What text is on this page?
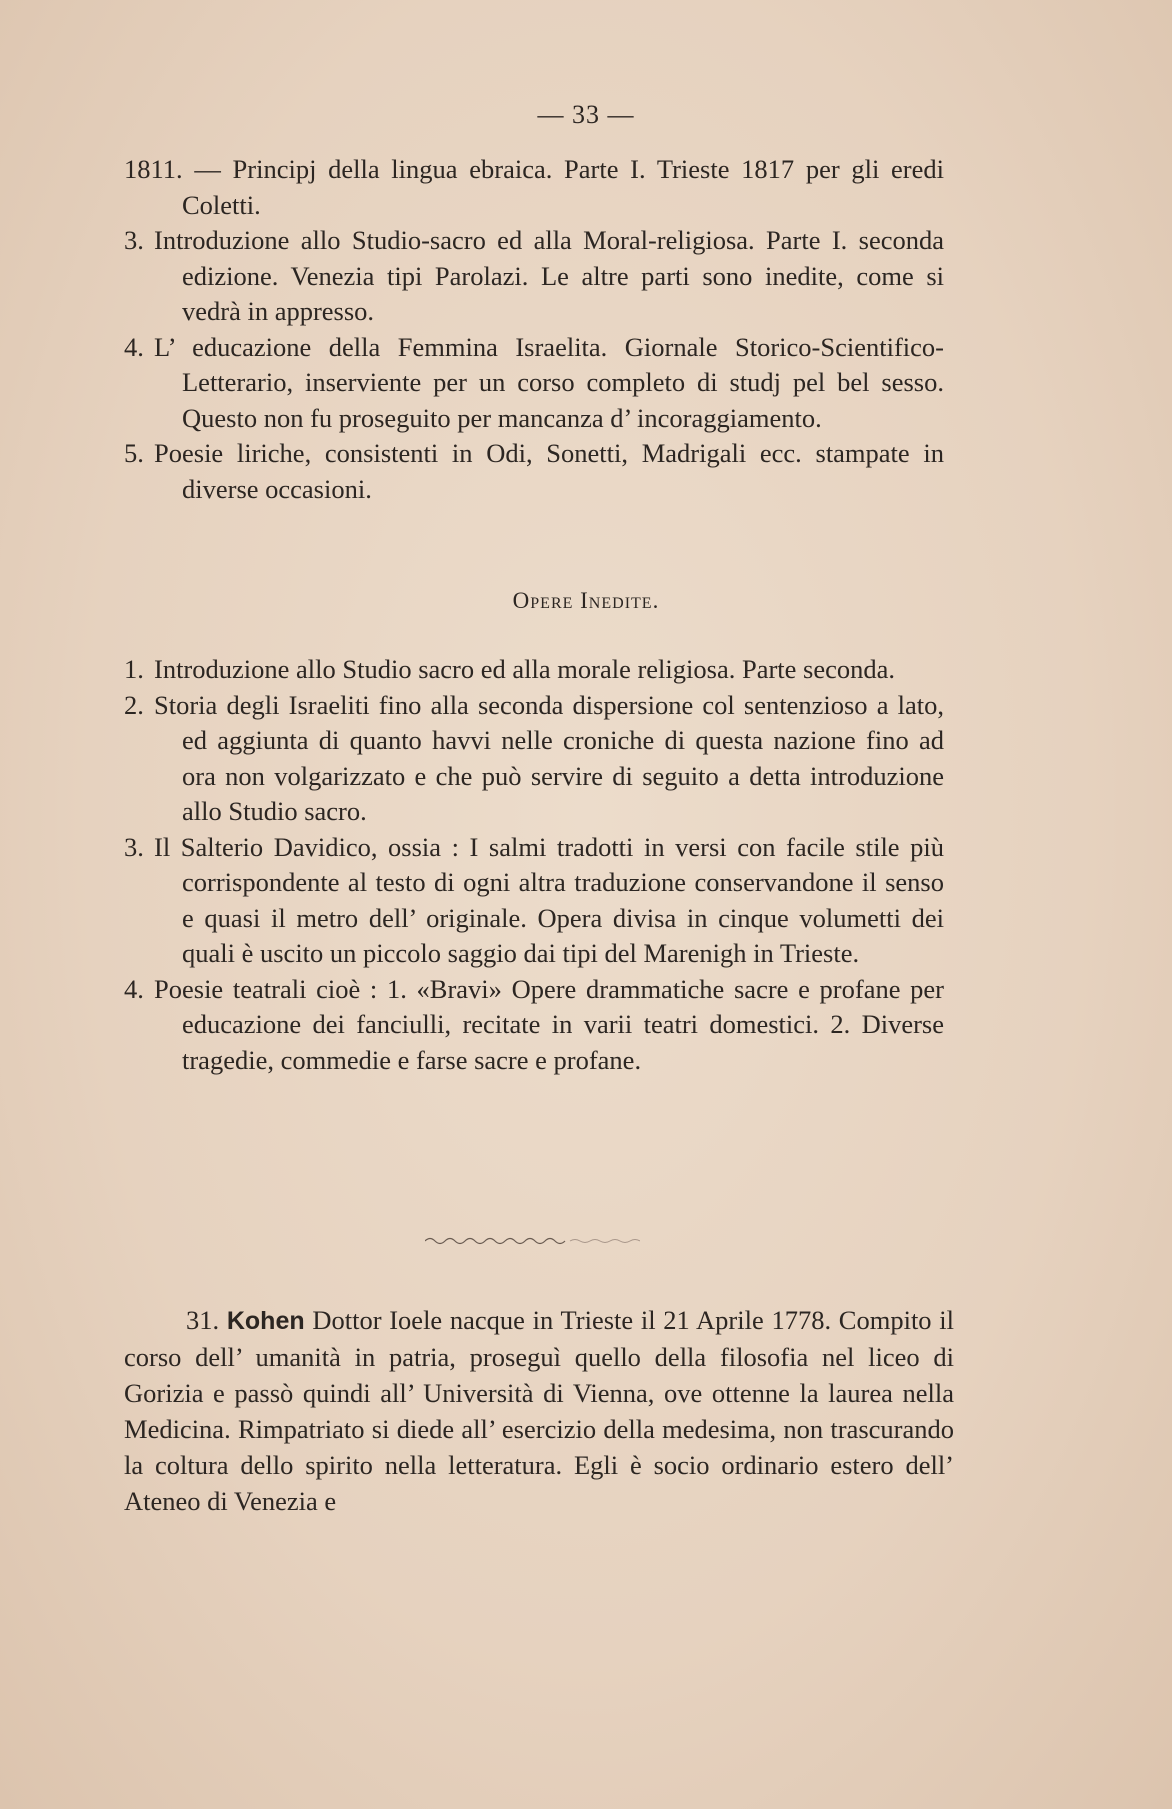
— 33 —

1811. — Principj della lingua ebraica. Parte I. Trieste 1817 per gli eredi Coletti.

3. Introduzione allo Studio-sacro ed alla Moral-religiosa. Parte I. seconda edizione. Venezia tipi Parolazi. Le altre parti sono inedite, come si vedrà in appresso.

4. L’ educazione della Femmina Israelita. Giornale Storico-Scientifico-Letterario, inserviente per un corso completo di studj pel bel sesso. Questo non fu proseguito per mancanza d’ incoraggiamento.

5. Poesie liriche, consistenti in Odi, Sonetti, Madrigali ecc. stampate in diverse occasioni.

Opere Inedite.

1. Introduzione allo Studio sacro ed alla morale religiosa. Parte seconda.

2. Storia degli Israeliti fino alla seconda dispersione col sentenzioso a lato, ed aggiunta di quanto havvi nelle croniche di questa nazione fino ad ora non volgarizzato e che può servire di seguito a detta introduzione allo Studio sacro.

3. Il Salterio Davidico, ossia : I salmi tradotti in versi con facile stile più corrispondente al testo di ogni altra traduzione conservandone il senso e quasi il metro dell’ originale. Opera divisa in cinque volumetti dei quali è uscito un piccolo saggio dai tipi del Marenigh in Trieste.

4. Poesie teatrali cioè : 1. «Bravi» Opere drammatiche sacre e profane per educazione dei fanciulli, recitate in varii teatri domestici. 2. Diverse tragedie, commedie e farse sacre e profane.

31. Kohen Dottor Ioele nacque in Trieste il 21 Aprile 1778. Compito il corso dell’ umanità in patria, proseguì quello della filosofia nel liceo di Gorizia e passò quindi all’ Università di Vienna, ove ottenne la laurea nella Medicina. Rimpatriato si diede all’ esercizio della medesima, non trascurando la coltura dello spirito nella letteratura. Egli è socio ordinario estero dell’ Ateneo di Venezia e
